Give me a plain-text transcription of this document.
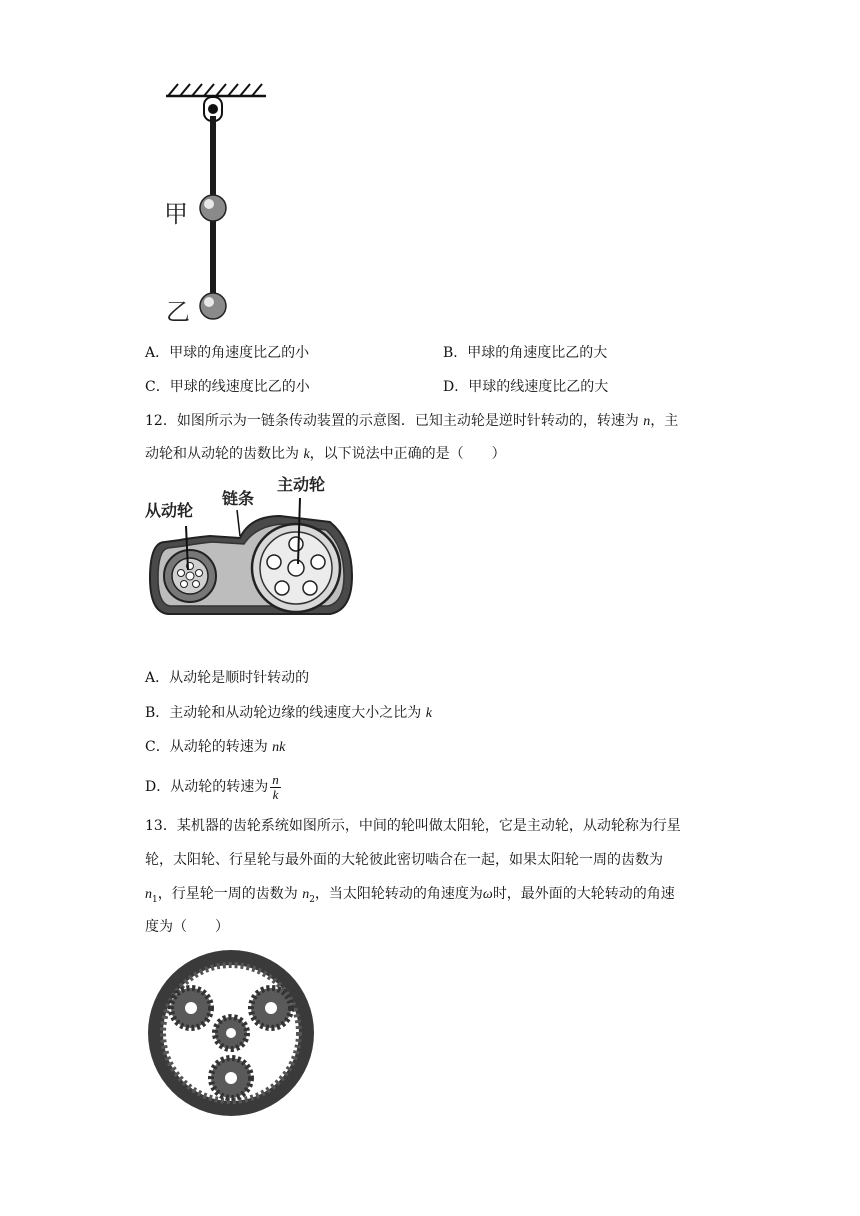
甲
乙
A．甲球的角速度比乙的小	B．甲球的角速度比乙的大
C．甲球的线速度比乙的小	D．甲球的线速度比乙的大
12．如图所示为一链条传动装置的示意图．已知主动轮是逆时针转动的，转速为 n，主
动轮和从动轮的齿数比为 k，以下说法中正确的是（　　）
从动轮
链条
主动轮
A．从动轮是顺时针转动的
B．主动轮和从动轮边缘的线速度大小之比为 k
C．从动轮的转速为 nk
D．从动轮的转速为 $\frac{n}{k}$
13．某机器的齿轮系统如图所示，中间的轮叫做太阳轮，它是主动轮，从动轮称为行星
轮，太阳轮、行星轮与最外面的大轮彼此密切啮合在一起，如果太阳轮一周的齿数为
$n_1$，行星轮一周的齿数为 $n_2$，当太阳轮转动的角速度为ω时，最外面的大轮转动的角速
度为（　　）
